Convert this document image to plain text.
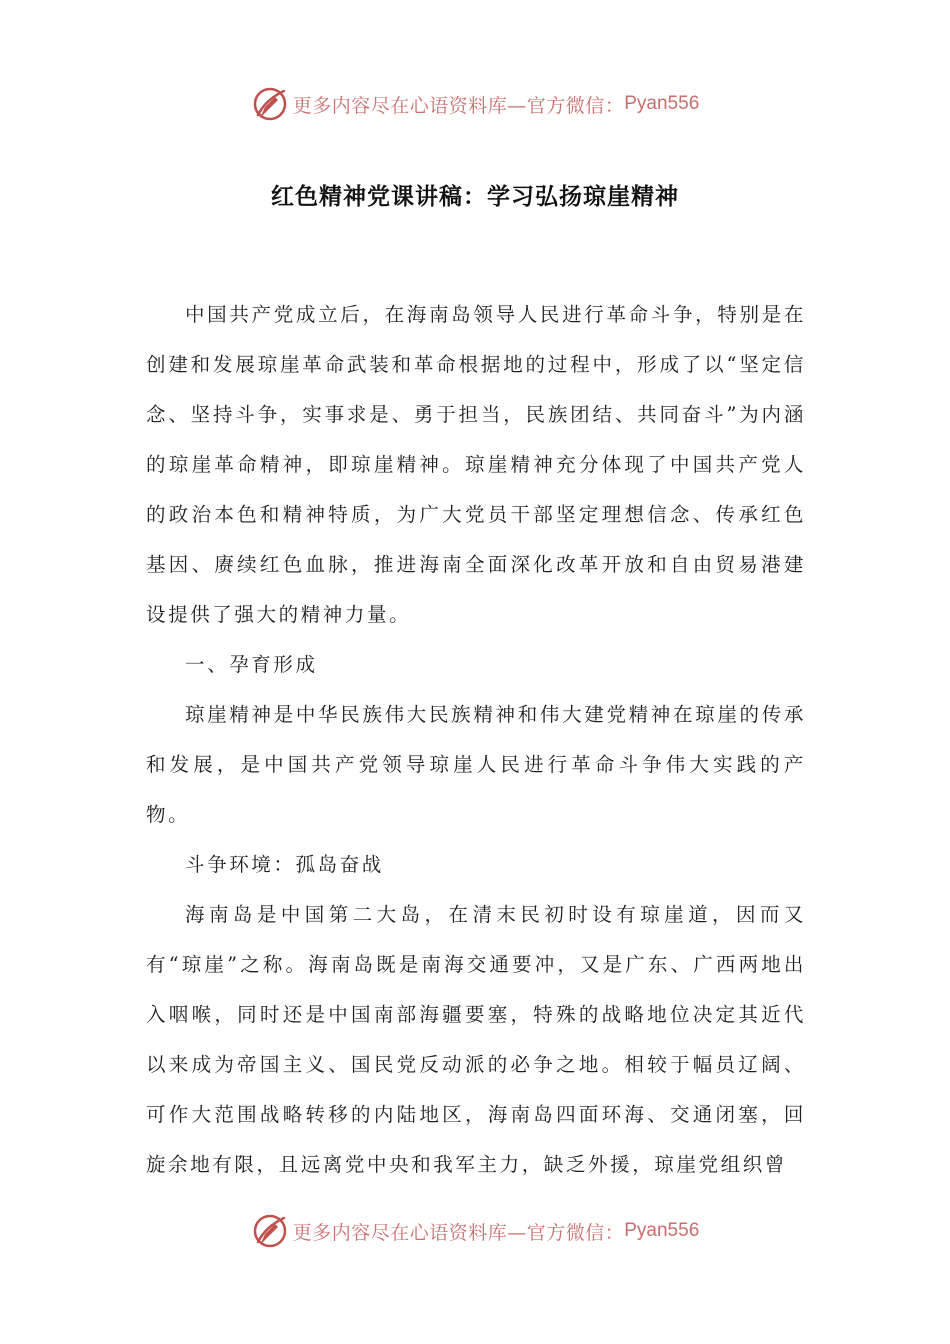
更多内容尽在心语资料库—官方微信： Pyan556
红色精神党课讲稿：学习弘扬琼崖精神

中国共产党成立后，在海南岛领导人民进行革命斗争，特别是在创建和发展琼崖革命武装和革命根据地的过程中，形成了以“坚定信念、坚持斗争，实事求是、勇于担当，民族团结、共同奋斗”为内涵的琼崖革命精神，即琼崖精神。琼崖精神充分体现了中国共产党人的政治本色和精神特质，为广大党员干部坚定理想信念、传承红色基因、赓续红色血脉，推进海南全面深化改革开放和自由贸易港建设提供了强大的精神力量。

一、孕育形成

琼崖精神是中华民族伟大民族精神和伟大建党精神在琼崖的传承和发展，是中国共产党领导琼崖人民进行革命斗争伟大实践的产物。

斗争环境：孤岛奋战

海南岛是中国第二大岛，在清末民初时设有琼崖道，因而又有“琼崖”之称。海南岛既是南海交通要冲，又是广东、广西两地出入咽喉，同时还是中国南部海疆要塞，特殊的战略地位决定其近代以来成为帝国主义、国民党反动派的必争之地。相较于幅员辽阔、可作大范围战略转移的内陆地区，海南岛四面环海、交通闭塞，回旋余地有限，且远离党中央和我军主力，缺乏外援，琼崖党组织曾

更多内容尽在心语资料库—官方微信： Pyan556
